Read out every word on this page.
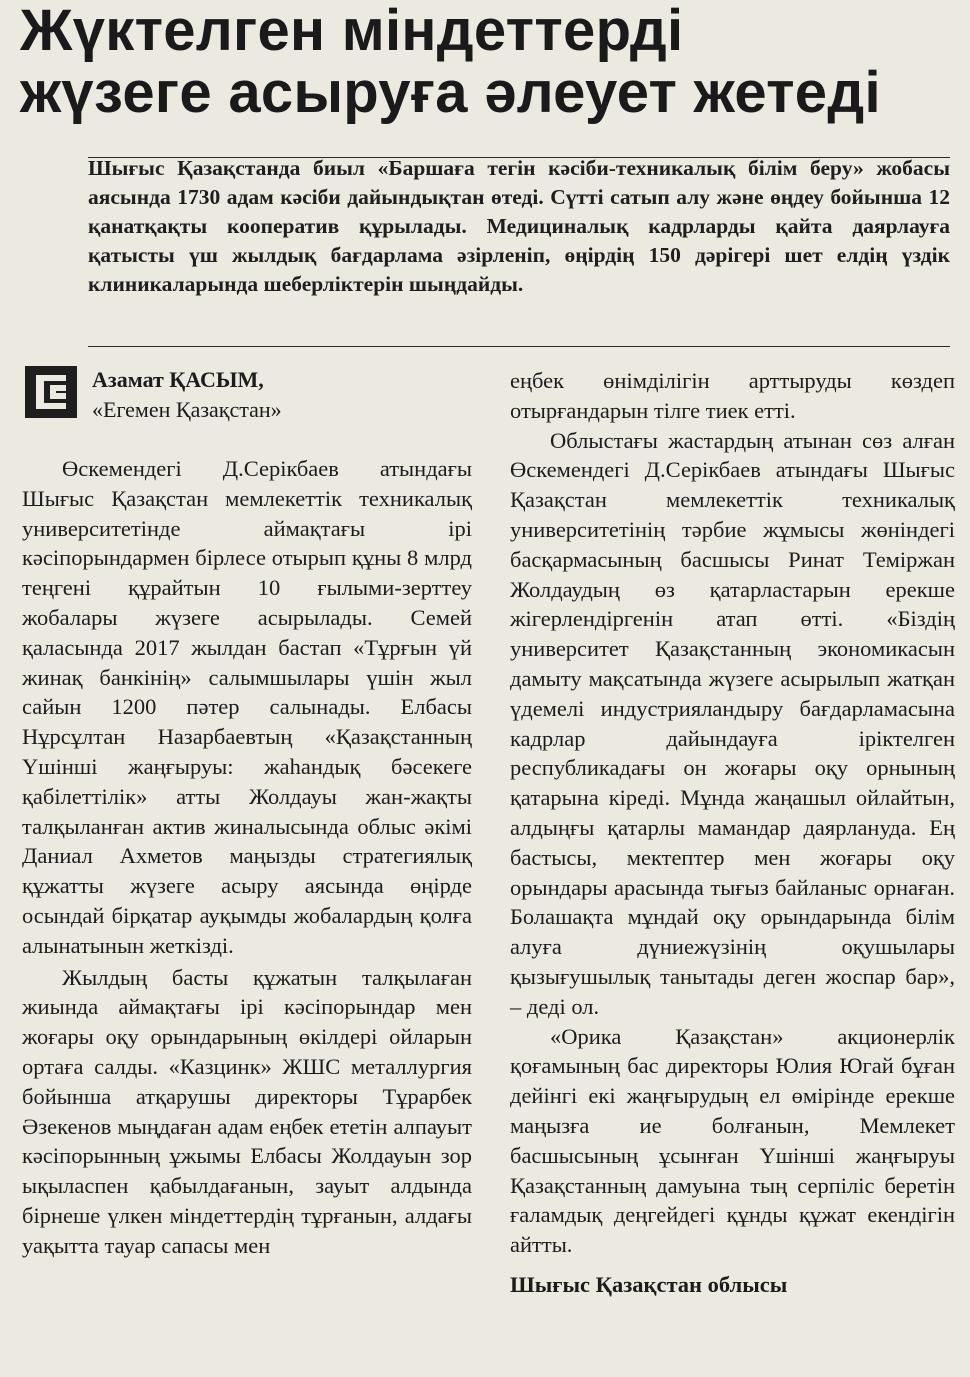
Жүктелген міндеттерді
жүзеге асыруға әлеует жетеді
Шығыс Қазақстанда биыл «Баршаға тегін кәсіби-техникалық білім беру» жобасы аясында 1730 адам кәсіби дайындықтан өтеді. Сүтті сатып алу және өңдеу бойынша 12 қанатқақты кооператив құрылады. Медициналық кадрларды қайта даярлауға қатысты үш жылдық бағдарлама әзірленіп, өңірдің 150 дәрігері шет елдің үздік клиникаларында шеберліктерін шыңдайды.
Азамат ҚАСЫМ,
«Егемен Қазақстан»

Өскемендегі Д.Серікбаев атындағы Шығыс Қазақстан мемлекеттік техникалық университетінде аймақтағы ірі кәсіпорындармен бірлесе отырып құны 8 млрд теңгені құрайтын 10 ғылыми-зерттеу жобалары жүзеге асырылады. Семей қаласында 2017 жылдан бастап «Тұрғын үй жинақ банкінің» салымшылары үшін жыл сайын 1200 пәтер салынады. Елбасы Нұрсұлтан Назарбаевтың «Қазақстанның Үшінші жаңғыруы: жаһандық бәсекеге қабілеттілік» атты Жолдауы жан-жақты талқыланған актив жиналысында облыс әкімі Даниал Ахметов маңызды стратегиялық құжатты жүзеге асыру аясында өңірде осындай бірқатар ауқымды жобалардың қолға алынатынын жеткізді.

Жылдың басты құжатын талқылаған жиында аймақтағы ірі кәсіпорындар мен жоғары оқу орындарының өкілдері ойларын ортаға салды. «Казцинк» ЖШС металлургия бойынша атқарушы директоры Тұрарбек Әзекенов мыңдаған адам еңбек ететін алпауыт кәсіпорынның ұжымы Елбасы Жолдауын зор ықыласпен қабылдағанын, зауыт алдында бірнеше үлкен міндеттердің тұрғанын, алдағы уақытта тауар сапасы мен

еңбек өнімділігін арттыруды көздеп отырғандарын тілге тиек етті.

Облыстағы жастардың атынан сөз алған Өскемендегі Д.Серікбаев атындағы Шығыс Қазақстан мемлекеттік техникалық университетінің тәрбие жұмысы жөніндегі басқармасының басшысы Ринат Теміржан Жолдаудың өз қатарластарын ерекше жігерлендіргенін атап өтті. «Біздің университет Қазақстанның экономикасын дамыту мақсатында жүзеге асырылып жатқан үдемелі индустрияландыру бағдарламасына кадрлар дайындауға іріктелген республикадағы он жоғары оқу орнының қатарына кіреді. Мұнда жаңашыл ойлайтын, алдыңғы қатарлы мамандар даярлануда. Ең бастысы, мектептер мен жоғары оқу орындары арасында тығыз байланыс орнаған. Болашақта мұндай оқу орындарында білім алуға дүниежүзінің оқушылары қызығушылық танытады деген жоспар бар», – деді ол.

«Орика Қазақстан» акционерлік қоғамының бас директоры Юлия Югай бұған дейінгі екі жаңғырудың ел өмірінде ерекше маңызға ие болғанын, Мемлекет басшысының ұсынған Үшінші жаңғыруы Қазақстанның дамуына тың серпіліс беретін ғаламдық деңгейдегі құнды құжат екендігін айтты.

Шығыс Қазақстан облысы
